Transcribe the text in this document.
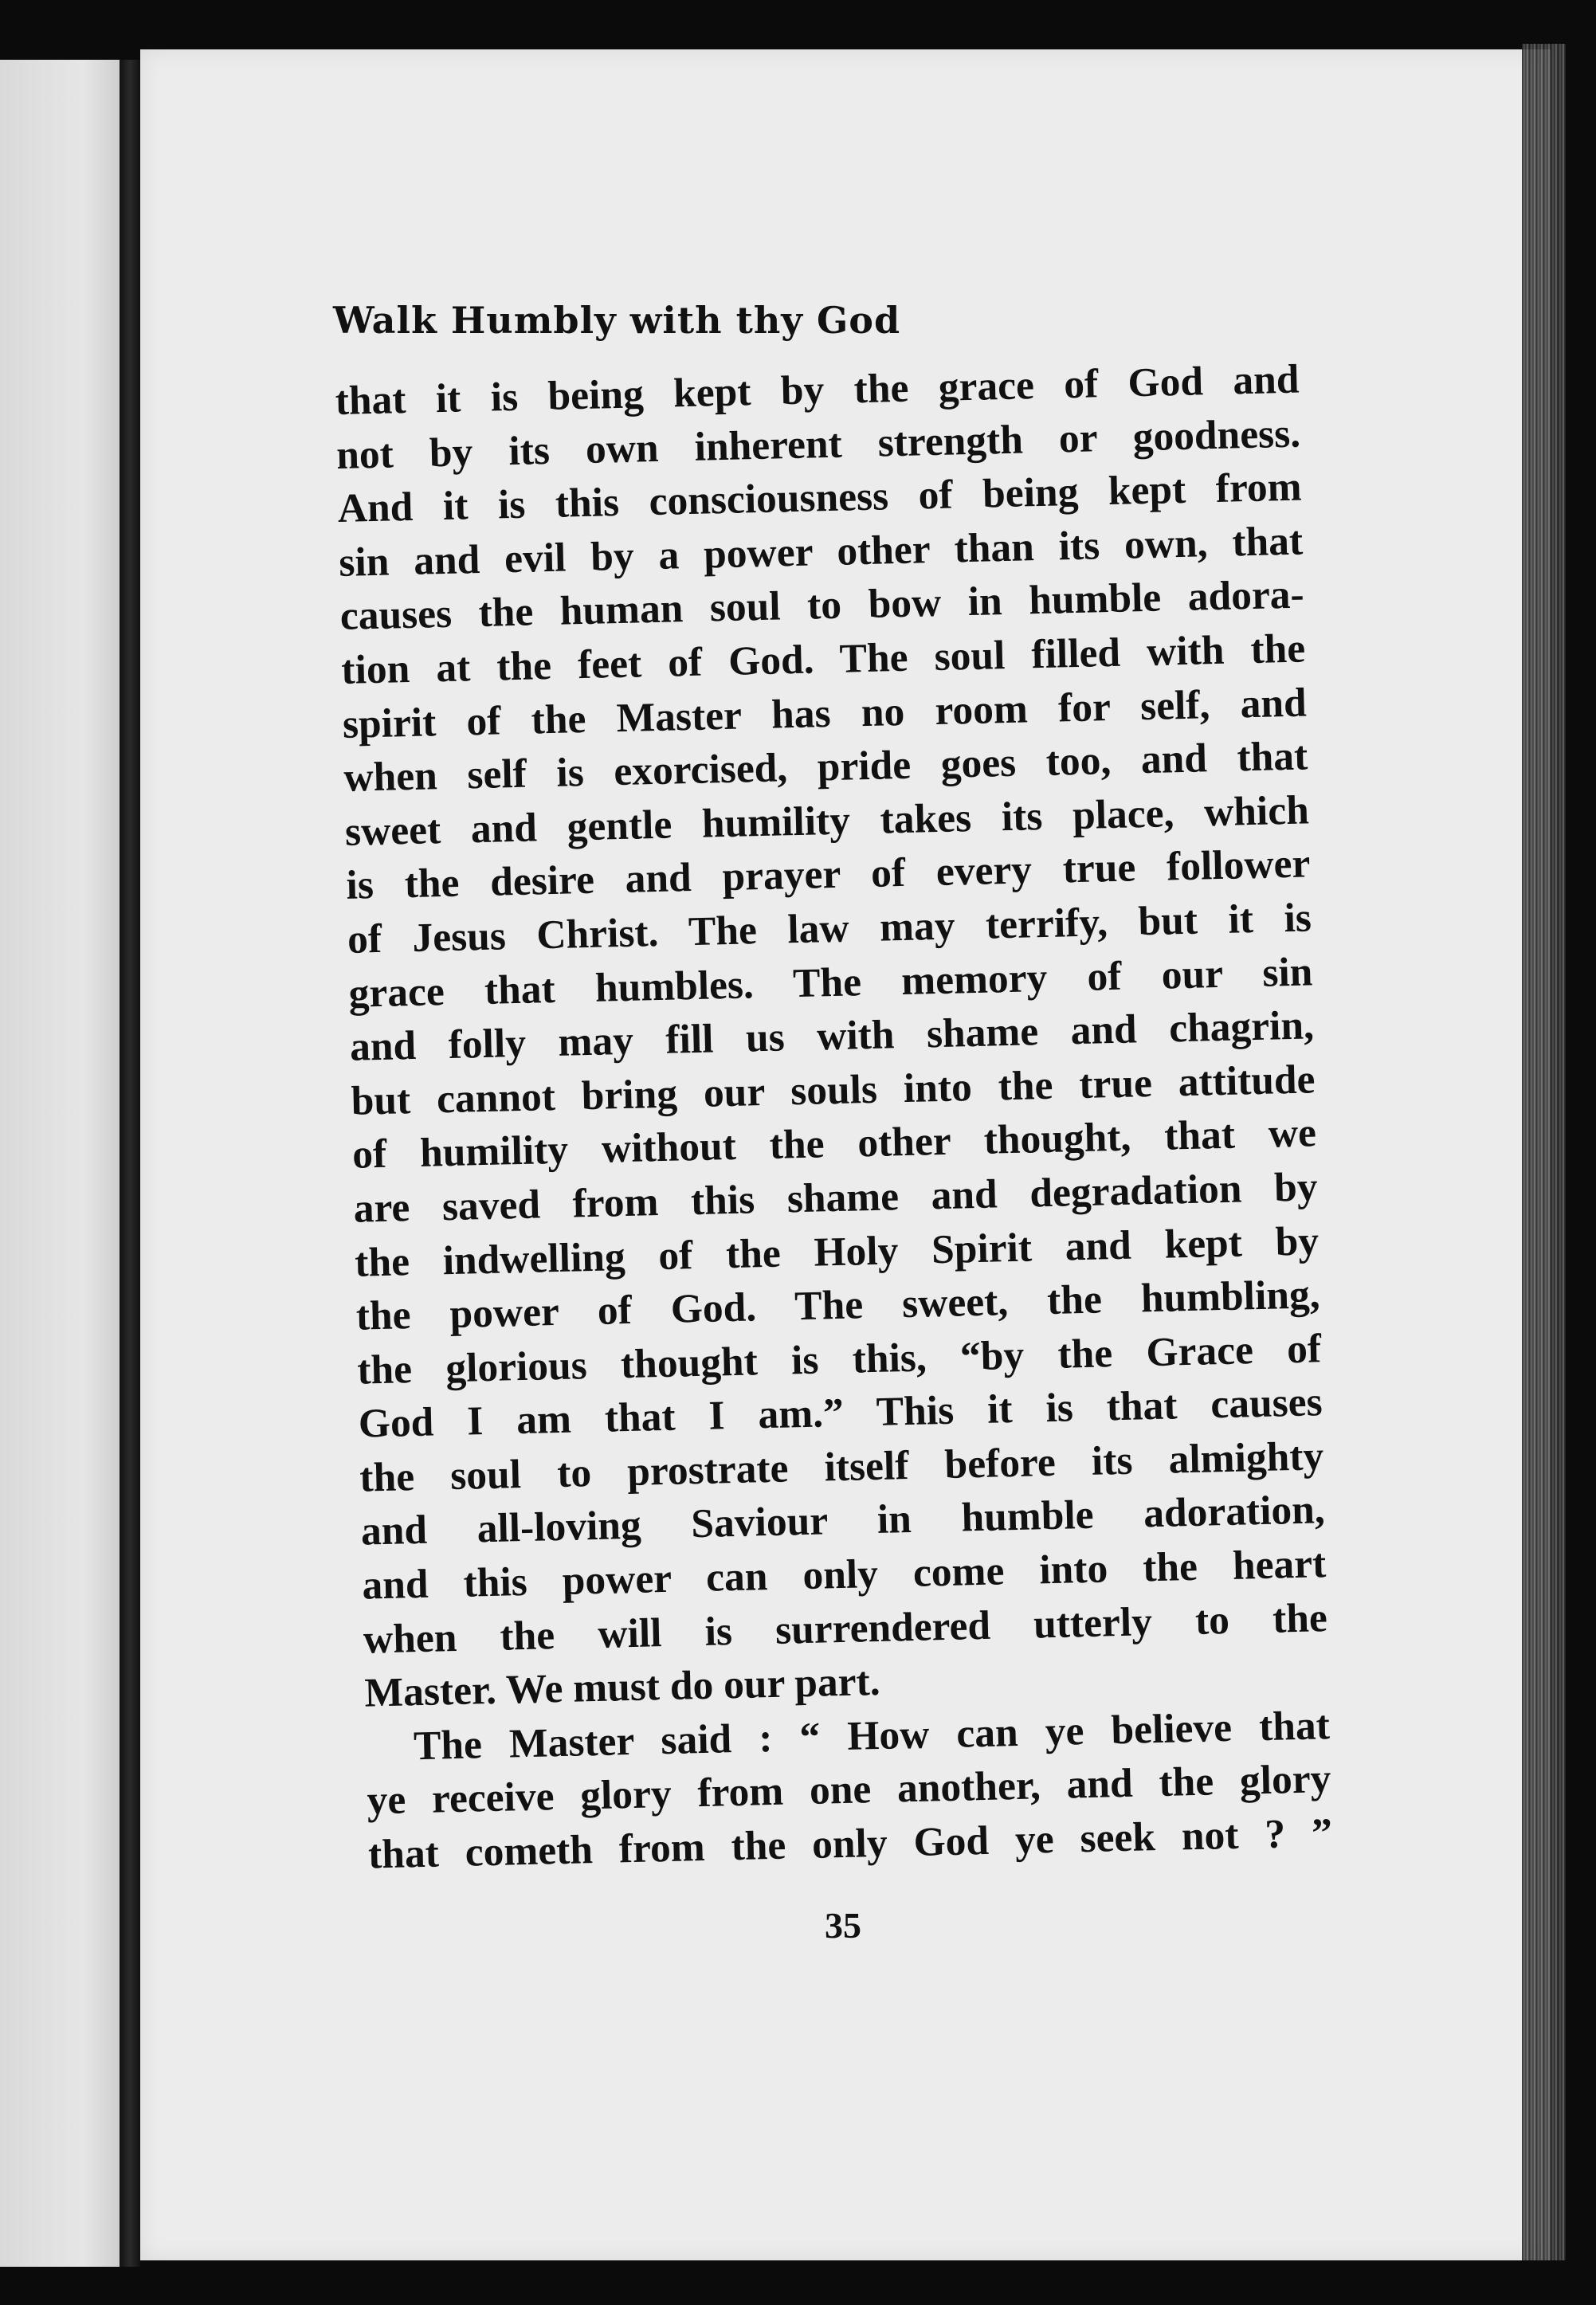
Walk Humbly with thy God
that it is being kept by the grace of God and
not by its own inherent strength or goodness.
And it is this consciousness of being kept from
sin and evil by a power other than its own, that
causes the human soul to bow in humble adora-
tion at the feet of God. The soul filled with the
spirit of the Master has no room for self, and
when self is exorcised, pride goes too, and that
sweet and gentle humility takes its place, which
is the desire and prayer of every true follower
of Jesus Christ. The law may terrify, but it is
grace that humbles. The memory of our sin
and folly may fill us with shame and chagrin,
but cannot bring our souls into the true attitude
of humility without the other thought, that we
are saved from this shame and degradation by
the indwelling of the Holy Spirit and kept by
the power of God. The sweet, the humbling,
the glorious thought is this, “by the Grace of
God I am that I am.” This it is that causes
the soul to prostrate itself before its almighty
and all-loving Saviour in humble adoration,
and this power can only come into the heart
when the will is surrendered utterly to the
Master. We must do our part.
The Master said : “ How can ye believe that
ye receive glory from one another, and the glory
that cometh from the only God ye seek not ? ”
35
